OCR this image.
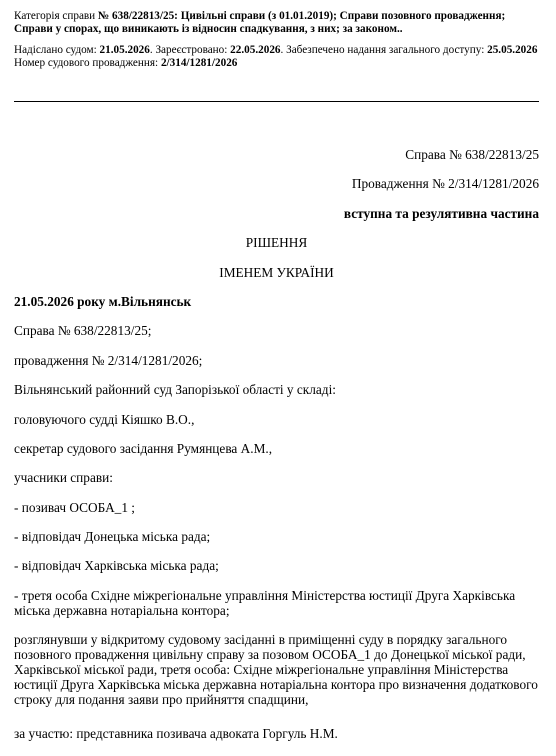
Категорія справи № 638/22813/25: Цивільні справи (з 01.01.2019); Справи позовного провадження; Справи у спорах, що виникають із відносин спадкування, з них; за законом..

Надіслано судом: 21.05.2026. Зареєстровано: 22.05.2026. Забезпечено надання загального доступу: 25.05.2026

Номер судового провадження: 2/314/1281/2026

Справа № 638/22813/25
Провадження № 2/314/1281/2026
вступна та резулятивна частина
РІШЕННЯ
ІМЕНЕМ УКРАЇНИ
21.05.2026 року м.Вільнянськ
Справа № 638/22813/25;
провадження № 2/314/1281/2026;
Вільнянський районний суд Запорізької області у складі:
головуючого судді Кіяшко В.О.,
секретар судового засідання Румянцева А.М.,
учасники справи:
- позивач ОСОБА_1 ;
- відповідач Донецька міська рада;
- відповідач Харківська міська рада;
- третя особа Східне міжрегіональне управління Міністерства юстиції Друга Харківська міська державна нотаріальна контора;
розглянувши у відкритому судовому засіданні в приміщенні суду в порядку загального позовного провадження цивільну справу за позовом ОСОБА_1 до Донецької міської ради, Харківської міської ради, третя особа: Східне міжрегіональне управління Міністерства юстиції Друга Харківська міська державна нотаріальна контора про визначення додаткового строку для подання заяви про прийняття спадщини,
за участю: представника позивача адвоката Горгуль Н.М.
